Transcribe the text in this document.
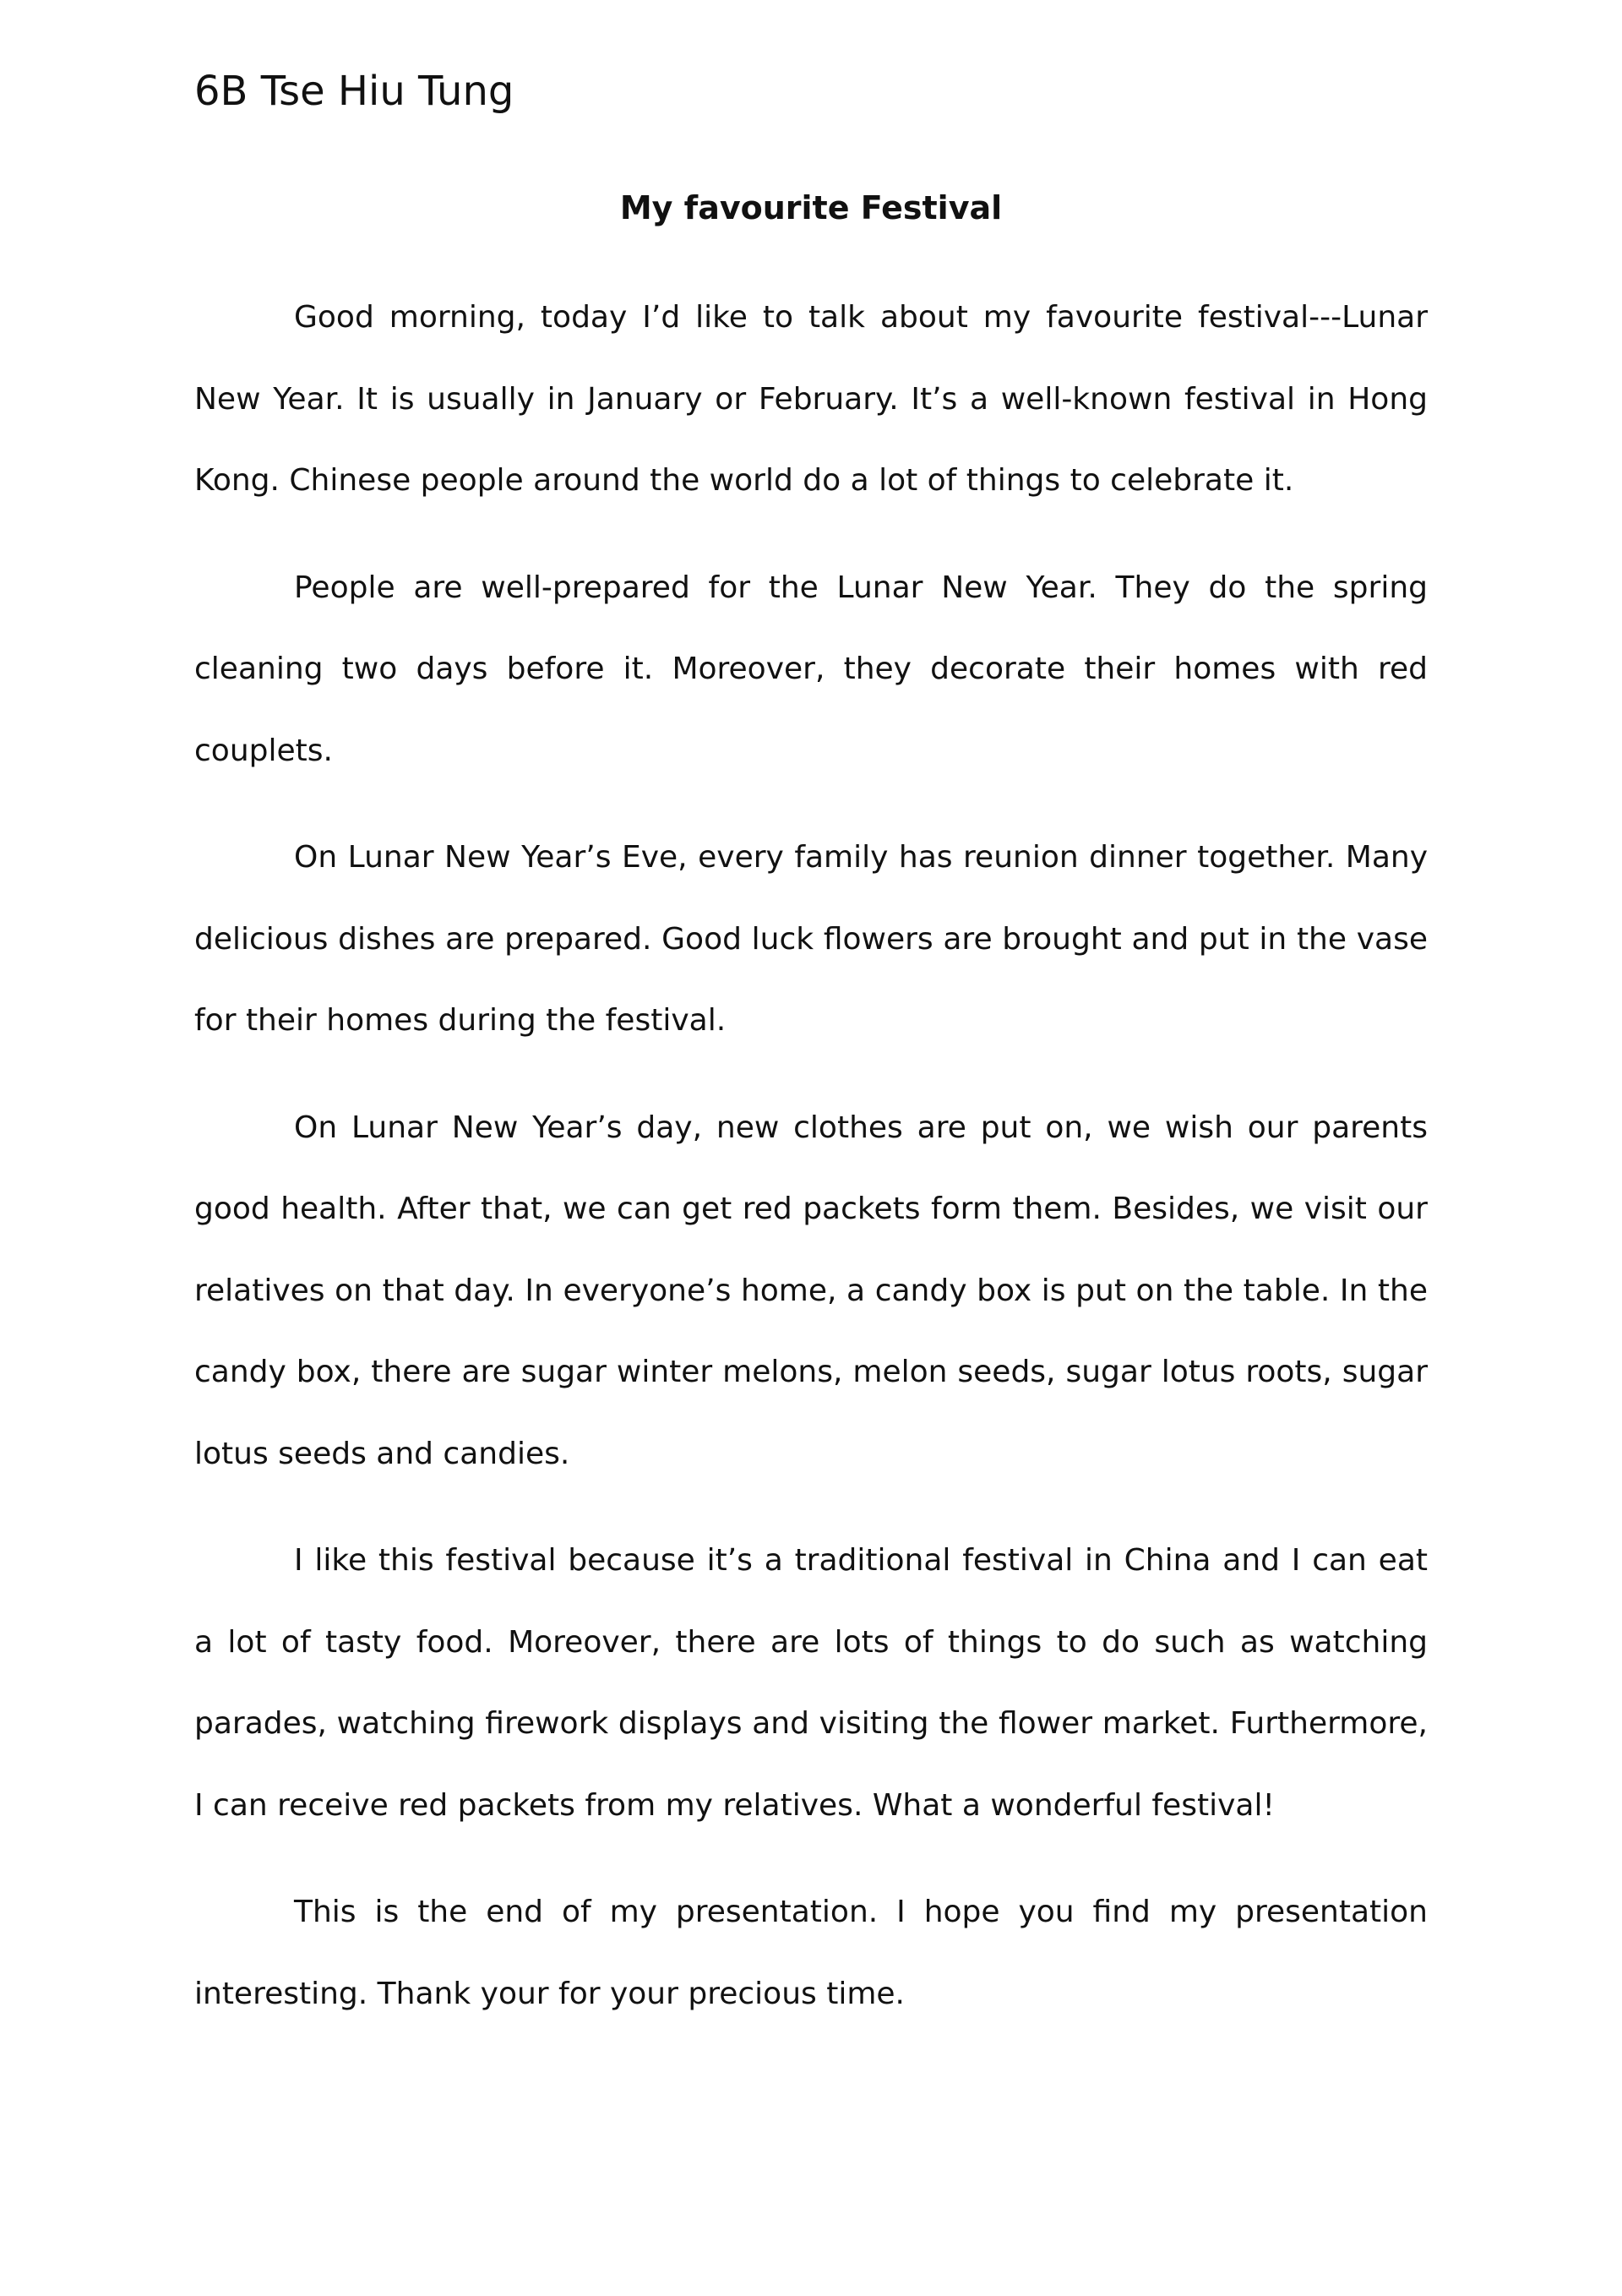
6B Tse Hiu Tung
My favourite Festival

Good morning, today I’d like to talk about my favourite festival---Lunar New Year. It is usually in January or February. It’s a well-known festival in Hong Kong. Chinese people around the world do a lot of things to celebrate it.

People are well-prepared for the Lunar New Year. They do the spring cleaning two days before it. Moreover, they decorate their homes with red couplets.

On Lunar New Year’s Eve, every family has reunion dinner together. Many delicious dishes are prepared. Good luck flowers are brought and put in the vase for their homes during the festival.

On Lunar New Year’s day, new clothes are put on, we wish our parents good health. After that, we can get red packets form them. Besides, we visit our relatives on that day. In everyone’s home, a candy box is put on the table. In the candy box, there are sugar winter melons, melon seeds, sugar lotus roots, sugar lotus seeds and candies.

I like this festival because it’s a traditional festival in China and I can eat a lot of tasty food. Moreover, there are lots of things to do such as watching parades, watching firework displays and visiting the flower market. Furthermore, I can receive red packets from my relatives. What a wonderful festival!

This is the end of my presentation. I hope you find my presentation interesting. Thank your for your precious time.
